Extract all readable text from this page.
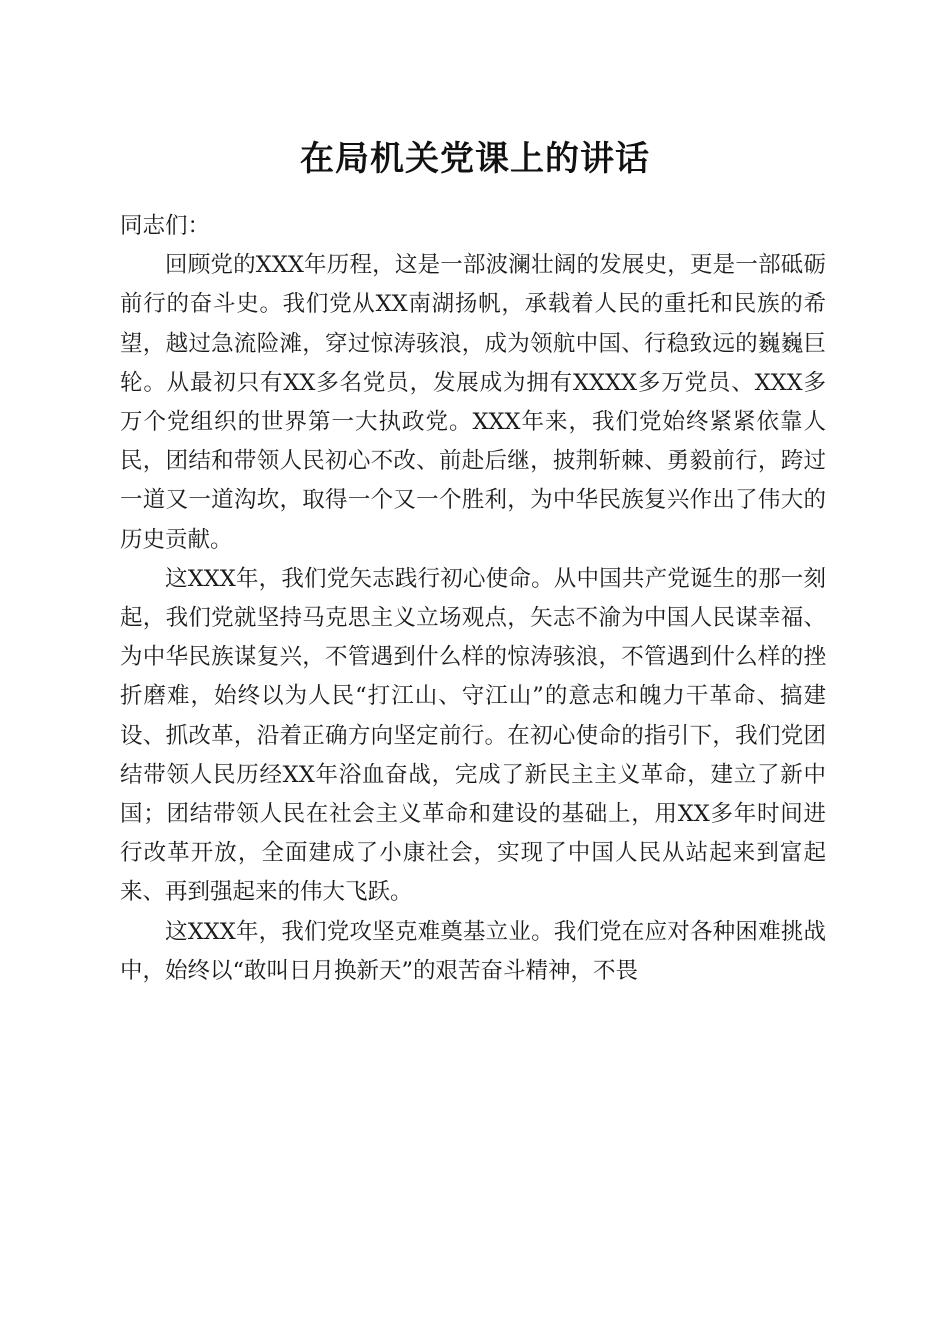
在局机关党课上的讲话

同志们：

回顾党的XXX年历程，这是一部波澜壮阔的发展史，更是一部砥砺前行的奋斗史。我们党从XX南湖扬帆，承载着人民的重托和民族的希望，越过急流险滩，穿过惊涛骇浪，成为领航中国、行稳致远的巍巍巨轮。从最初只有XX多名党员，发展成为拥有XXXX多万党员、XXX多万个党组织的世界第一大执政党。XXX年来，我们党始终紧紧依靠人民，团结和带领人民初心不改、前赴后继，披荆斩棘、勇毅前行，跨过一道又一道沟坎，取得一个又一个胜利，为中华民族复兴作出了伟大的历史贡献。

这XXX年，我们党矢志践行初心使命。从中国共产党诞生的那一刻起，我们党就坚持马克思主义立场观点，矢志不渝为中国人民谋幸福、为中华民族谋复兴，不管遇到什么样的惊涛骇浪，不管遇到什么样的挫折磨难，始终以为人民“打江山、守江山”的意志和魄力干革命、搞建设、抓改革，沿着正确方向坚定前行。在初心使命的指引下，我们党团结带领人民历经XX年浴血奋战，完成了新民主主义革命，建立了新中国；团结带领人民在社会主义革命和建设的基础上，用XX多年时间进行改革开放，全面建成了小康社会，实现了中国人民从站起来到富起来、再到强起来的伟大飞跃。

这XXX年，我们党攻坚克难奠基立业。我们党在应对各种困难挑战中，始终以“敢叫日月换新天”的艰苦奋斗精神，不畏
